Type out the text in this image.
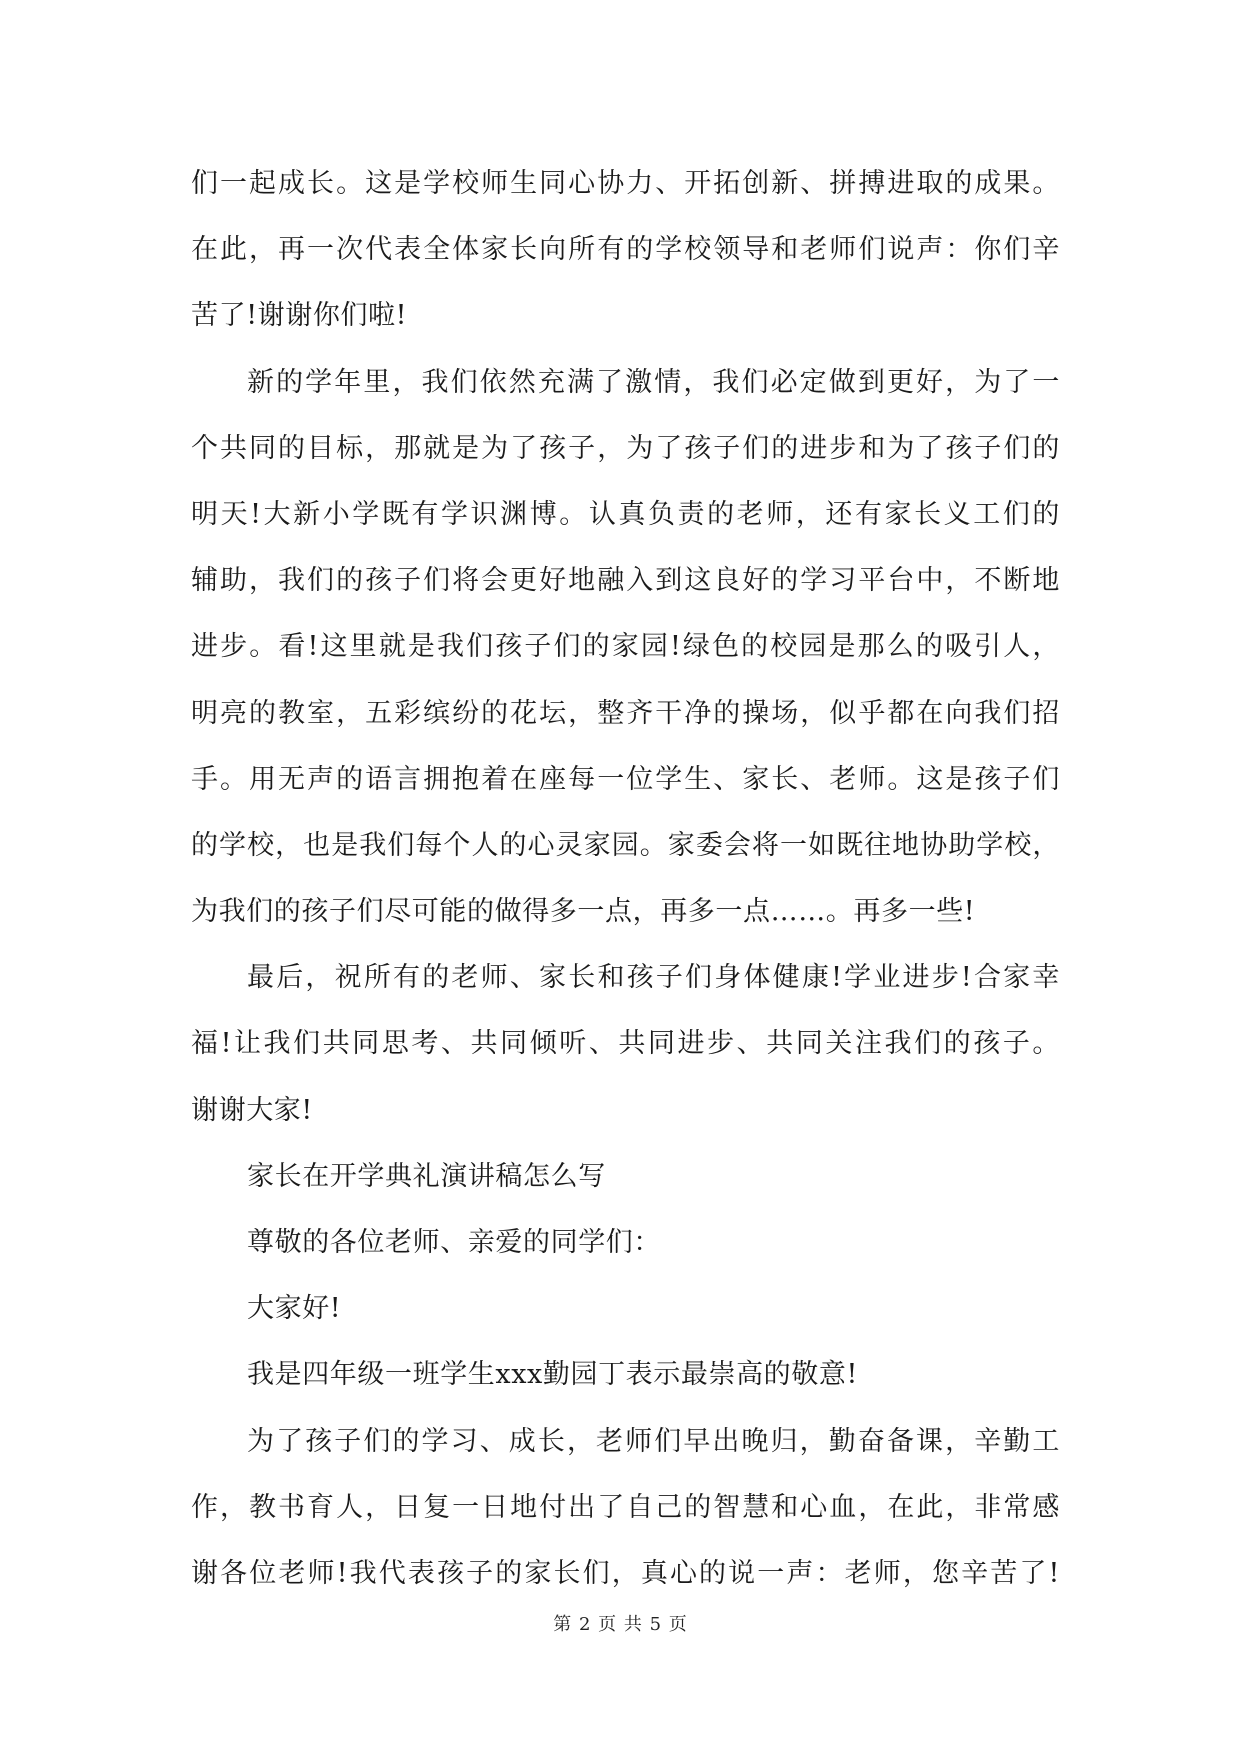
们一起成长。这是学校师生同心协力、开拓创新、拼搏进取的成果。
在此，再一次代表全体家长向所有的学校领导和老师们说声：你们辛
苦了!谢谢你们啦!
新的学年里，我们依然充满了激情，我们必定做到更好，为了一
个共同的目标，那就是为了孩子，为了孩子们的进步和为了孩子们的
明天!大新小学既有学识渊博。认真负责的老师，还有家长义工们的
辅助，我们的孩子们将会更好地融入到这良好的学习平台中，不断地
进步。看!这里就是我们孩子们的家园!绿色的校园是那么的吸引人，
明亮的教室，五彩缤纷的花坛，整齐干净的操场，似乎都在向我们招
手。用无声的语言拥抱着在座每一位学生、家长、老师。这是孩子们
的学校，也是我们每个人的心灵家园。家委会将一如既往地协助学校，
为我们的孩子们尽可能的做得多一点，再多一点……。再多一些!
最后，祝所有的老师、家长和孩子们身体健康!学业进步!合家幸
福!让我们共同思考、共同倾听、共同进步、共同关注我们的孩子。
谢谢大家!
家长在开学典礼演讲稿怎么写
尊敬的各位老师、亲爱的同学们：
大家好!
我是四年级一班学生xxx勤园丁表示最崇高的敬意!
为了孩子们的学习、成长，老师们早出晚归，勤奋备课，辛勤工
作，教书育人，日复一日地付出了自己的智慧和心血，在此，非常感
谢各位老师!我代表孩子的家长们，真心的说一声：老师，您辛苦了!
第 2 页 共 5 页
